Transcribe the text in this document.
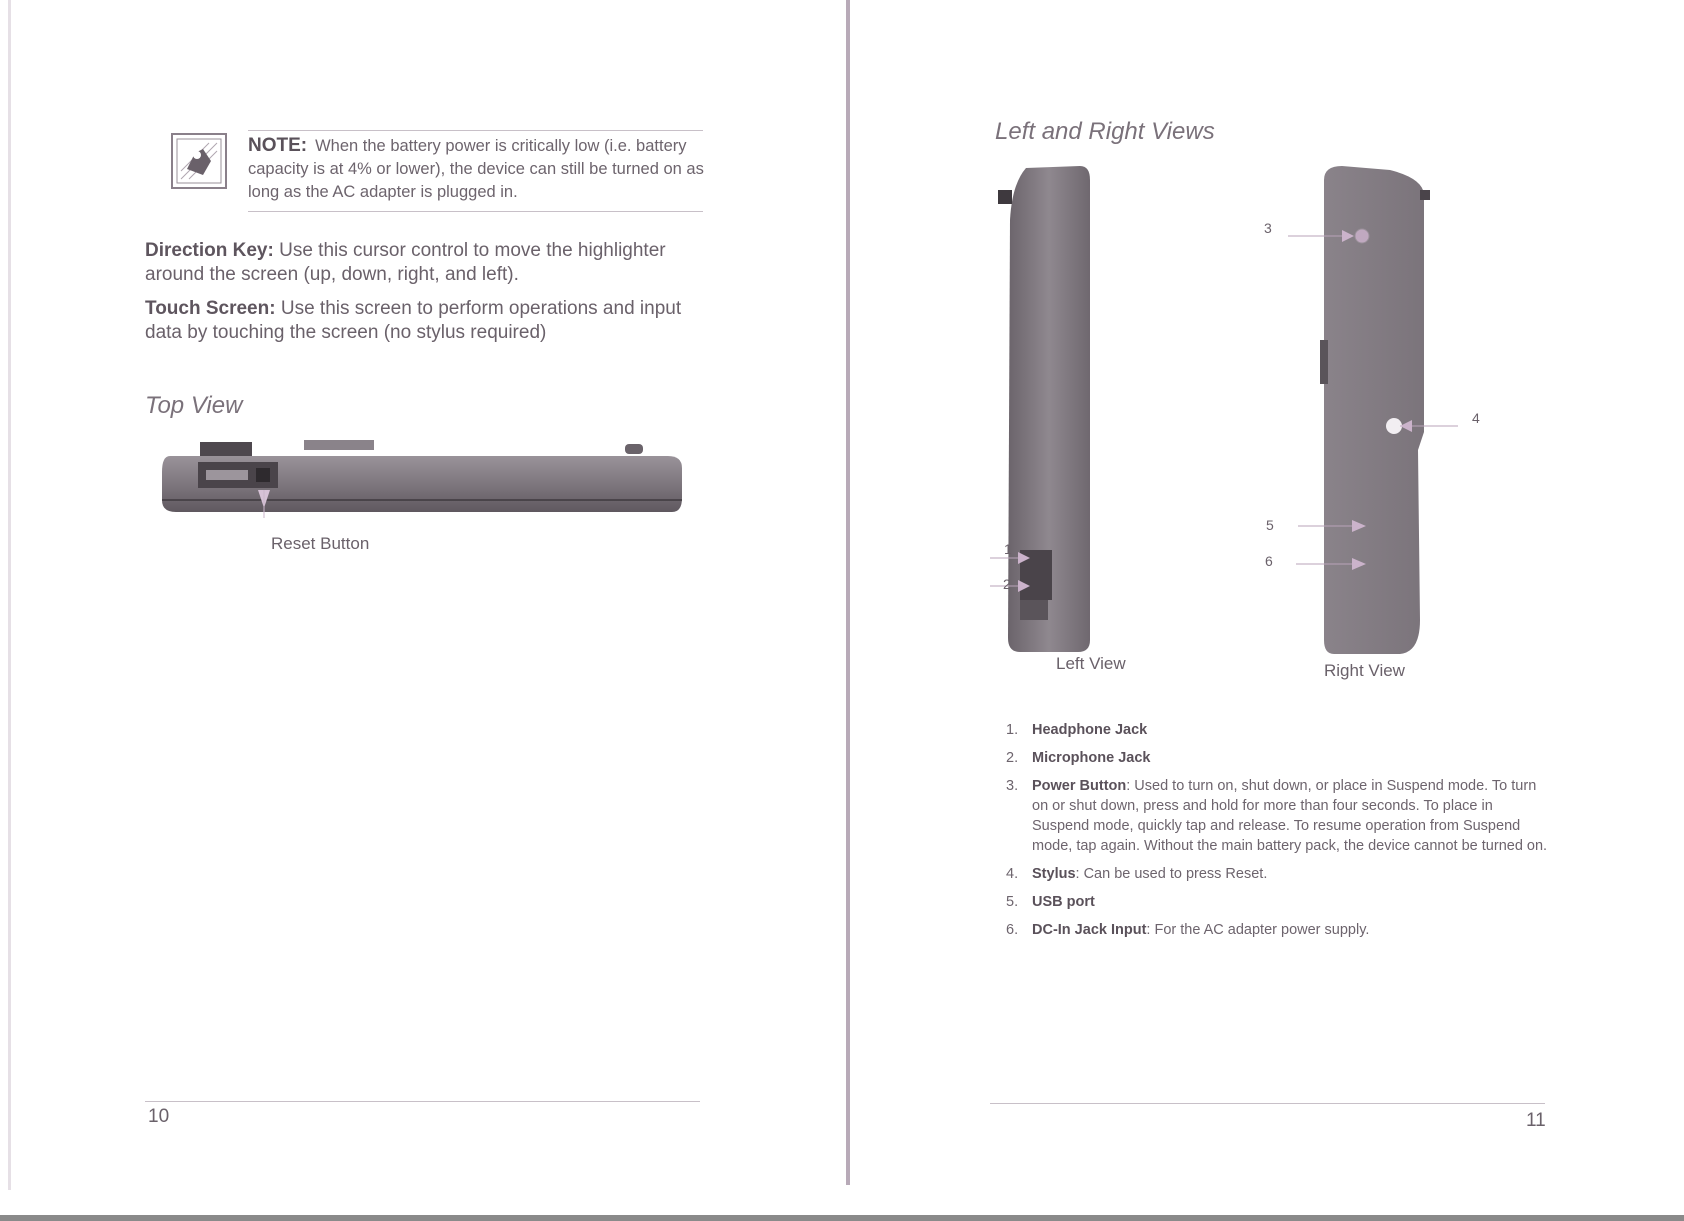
NOTE: When the battery power is critically low (i.e. battery capacity is at 4% or lower), the device can still be turned on as long as the AC adapter is plugged in.
Direction Key: Use this cursor control to move the highlighter around the screen (up, down, right, and left).
Touch Screen: Use this screen to perform operations and input data by touching the screen (no stylus required)
Top View
Reset Button
10
Left and Right Views
1
2
3
4
5
6
Left View	Right View
1. Headphone Jack
2. Microphone Jack
3. Power Button: Used to turn on, shut down, or place in Suspend mode. To turn on or shut down, press and hold for more than four seconds. To place in Suspend mode, quickly tap and release. To resume operation from Suspend mode, tap again. Without the main battery pack, the device cannot be turned on.
4. Stylus: Can be used to press Reset.
5. USB port
6. DC-In Jack Input: For the AC adapter power supply.
11
